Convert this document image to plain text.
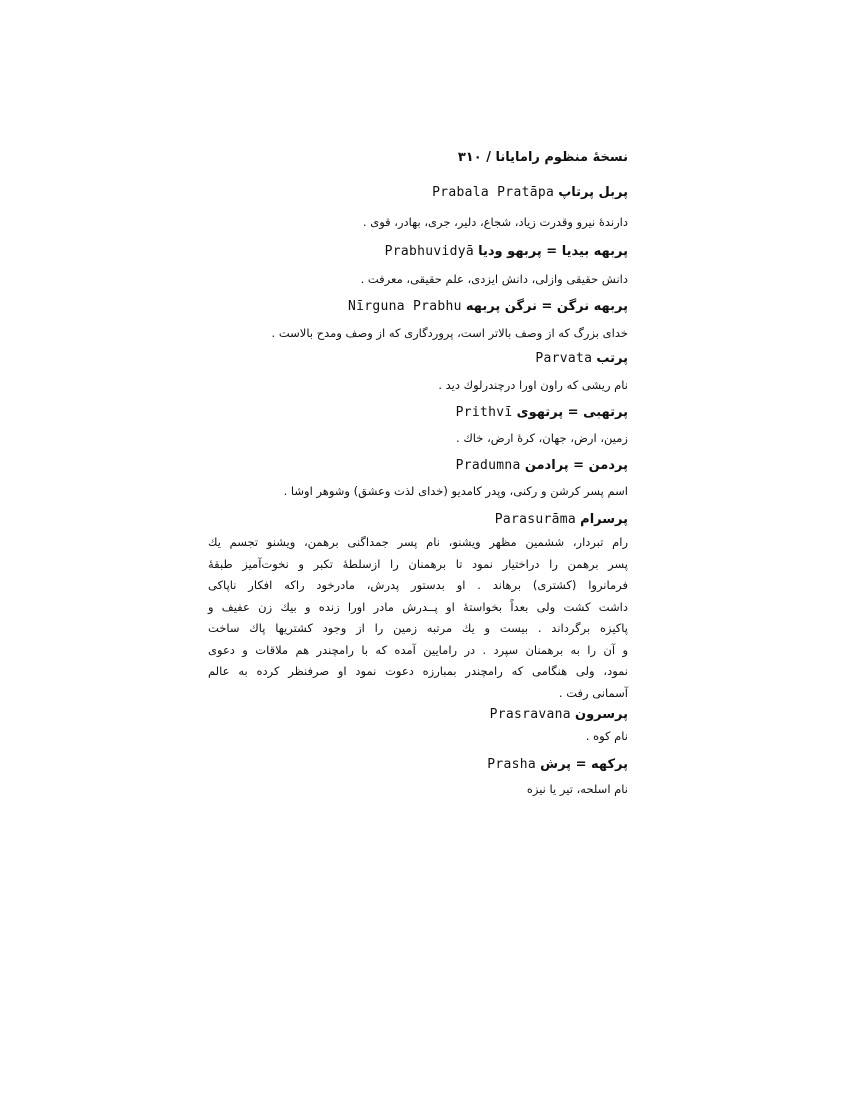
نسخهٔ منظوم رامایانا / ۳۱۰
پربل پرتاپ Prabala Pratāpa
دارندهٔ نیرو وقدرت زیاد، شجاع، دلیر، جری، بهادر، قوی .
پربهه بیدیا = پربهو ودیا Prabhuvidyā
دانش حقیقی وازلی، دانش ایزدی، علم حقیقی، معرفت .
پربهه نرگن = نرگن پربهه Nīrguna Prabhu
خدای بزرگ که از وصف بالاتر است، پروردگاری که از وصف ومدح بالاست .
پرتب Parvata
نام ریشی که راون اورا درچندرلوك دید .
پرتهبی = پرتهوی Prithvī
زمین، ارض، جهان، کرهٔ ارض، خاك .
پردمن = پرادمن Pradumna
اسم پسر کرشن و رکنی، وپدر کامدیو (خدای لذت وعشق) وشوهر اوشا .
پرسرام Parasurāma
رام تبردار، ششمین مظهر ویشنو، نام پسر جمداگنی برهمن، ویشنو تجسم یك
پسر برهمن را دراختیار نمود تا برهمنان را ازسلطهٔ تکبر و نخوت‌آمیز طبقهٔ
فرمانروا (کشتری) برهاند . او بدستور پدرش، مادرخود راکه افکار ناپاکی
داشت کشت ولی بعداً بخواستهٔ او پــدرش مادر اورا زنده و بیك زن عفیف و
پاکیزه برگرداند . بیست و یك مرتبه زمین را از وجود کشتریها پاك ساخت
و آن را به برهمنان سپرد . در رامایین آمده که با رامچندر هم ملاقات و دعوی
نمود، ولی هنگامی که رامچندر بمبارزه دعوت نمود او صرفنظر کرده به عالم
آسمانی رفت .
پرسرون Prasravana
نام کوه .
پرکهه = پرش Prasha
نام اسلحه، تیر یا نیزه
